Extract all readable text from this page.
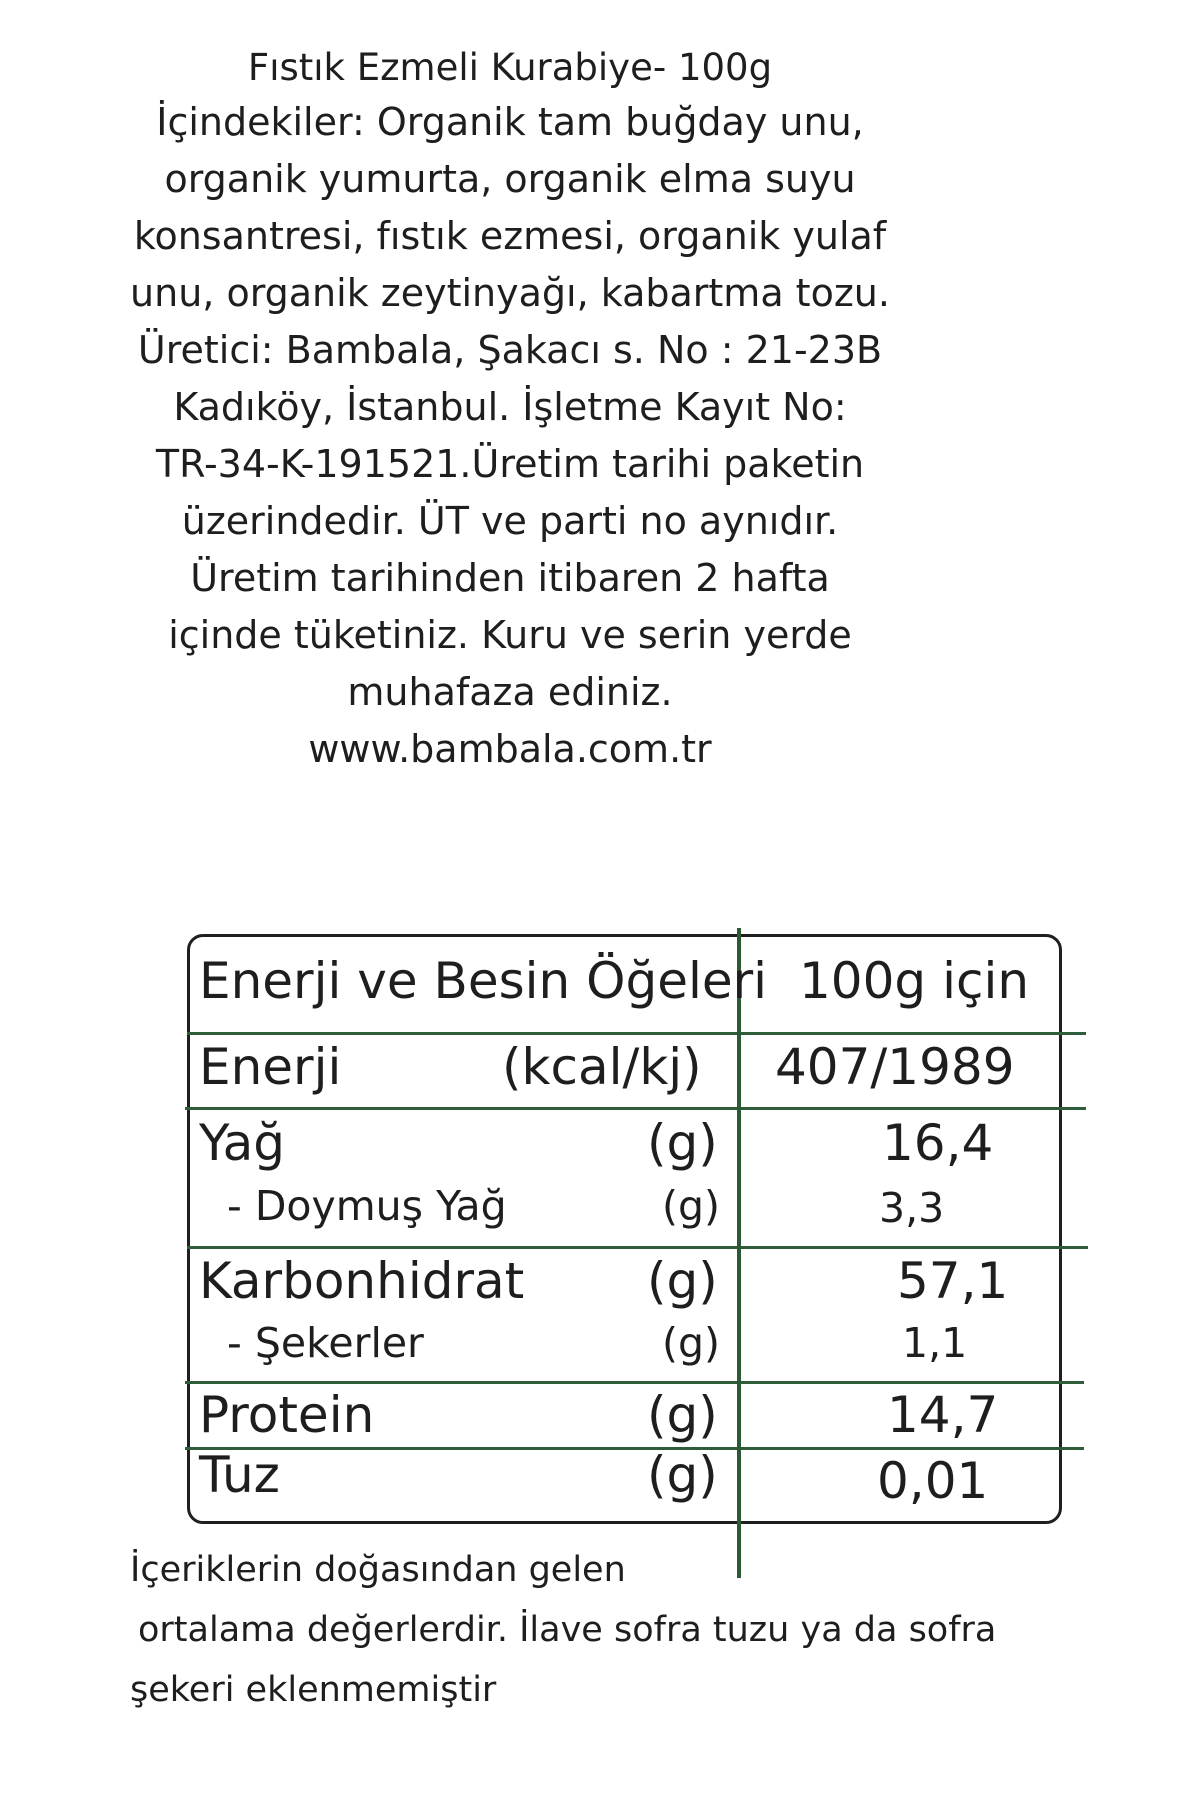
Fıstık Ezmeli Kurabiye- 100g
İçindekiler: Organik tam buğday unu,
organik yumurta, organik elma suyu
konsantresi, fıstık ezmesi, organik yulaf
unu, organik zeytinyağı, kabartma tozu.
Üretici: Bambala, Şakacı s. No : 21-23B
Kadıköy, İstanbul. İşletme Kayıt No:
TR-34-K-191521.Üretim tarihi paketin
üzerindedir. ÜT ve parti no aynıdır.
Üretim tarihinden itibaren 2 hafta
içinde tüketiniz. Kuru ve serin yerde
muhafaza ediniz.
www.bambala.com.tr
Enerji ve Besin Öğeleri 100g için
Enerji	(kcal/kj) 407/1989
Yağ	(g)	16,4
- Doymuş Yağ	(g)	3,3
Karbonhidrat (g)	57,1
- Şekerler	(g)	1,1
Protein	(g)	14,7
Tuz	(g)	0,01
İçeriklerin doğasından gelen
ortalama değerlerdir. İlave sofra tuzu ya da sofra
şekeri eklenmemiştir
